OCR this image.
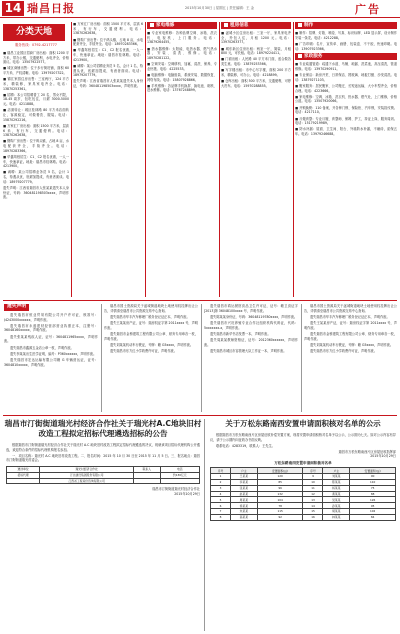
14 瑞昌日报	2015年10月30日 | 星期五 | 责任编辑：王 金	广告
分类天地
服务热线：0792-4217777
■ 瑞昌工业园区招商厂房出租：面积 1200 平方米，带办公楼，交通便利，水电齐全，价格面议。电话：13507922577。
■ 城区商铺出售：位于步行街旺铺，面积 60 平方米，产权清晰。电话：13979207322。
■ 锦江家园住房出售：三室两厅，124 平方米，精装修，家具家电齐全。电话：13870253361。
■ 招聘：本公司招聘普工 20 名，男女不限，18-45 周岁，包吃包住，月薪 3000-5000 元。电话：4211888。
■ 店面转让：城区桂林路 80 平方米店面转让，客源稳定，可做餐饮、服装。电话：15870292216。
■ 万家汇厂房出租：面积 1500 平方米，层高 6 米，有行车，交通便利。电话：13870262638。
■ 钢构厂房出售：位于码头镇，占地 8 亩，水电配套齐全，手续齐全。电话：18970283366。
■ 华鑫驾校招生：C1、C2 报名优惠，一人一车，快速拿证。地址：瑞昌市桂林路。电话：4213900。
■ 诚聘：某公司招聘业务员 5 名，会计 1 名，待遇从优，底薪加提成，有意者面谈。电话：18979207779。
遗失声明：江西省瑞昌市人张某某遗失本人身份证，号码：360481198503xxxx，声明作废。
■ 万家汇厂房出租：面积 1500 平方米，层高 6 米，有行车，交通便利。电话：13870262638。
■ 钢构厂房出售：位于码头镇，占地 8 亩，水电配套齐全，手续齐全。电话：18970283366。
■ 华鑫驾校招生：C1、C2 报名优惠，一人一车，快速拿证。地址：瑞昌市桂林路。电话：4213900。
■ 诚聘：某公司招聘业务员 5 名，会计 1 名，待遇从优，底薪加提成，有意者面谈。电话：18979207779。
遗失声明：江西省瑞昌市人张某某遗失本人身份证，号码：360481198503xxxx，声明作废。
家电维修
■ 专业家电维修：各种品牌空调、冰箱、洗衣机、电视机，上门服务。电话：13879264455。
■ 热水器维修：太阳能、电热水器、燃气热水器，安装、清洗、维修。电话：18970281122。
■ 空调安装：空调移机、加氟、清洗、保养，专业快捷。电话：4225533。
■ 电脑维修：电脑组装、系统安装、数据恢复、网络布线。电话：15807928866。
■ 手机维修：各品牌手机换屏、换电池、刷机、进水维修。电话：13767248899。
租房信息
■ 湓城小区住房出租：三室一厅，家具家电齐全，拎包入住，月租 1200 元。电话：13970263377。
■ 城东新区住房出租：两室一厅，简装，月租 800 元，可长租。电话：18979224411。
■ 门面出租：人民路 40 平方米门面，适合做各类生意。电话：13879253366。
■ 写字楼出租：市中心写字楼，面积 200 平方米，精装修，可办公。电话：4218899。
■ 仓库出租：面积 500 平方米，交通便利，可停大货车。电话：15970288855。
制作
■ 制作：招牌、灯箱、喷绘、写真、标识标牌、LED 显示屏，设计制作安装一条龙。电话：4212288。
■ 广告印刷：名片、宣传单、画册、包装盒、不干胶，快速印刷。电话：13907923366。
家政服务
■ 专业疏通管道：疏通下水道、马桶、地漏、洗菜池，高压清洗，管道维修。电话：13970290911。
■ 专业保洁：新房开荒、日常保洁、擦玻璃、地板打蜡、沙发清洗。电话：13879271103。
■ 搬家服务：居民搬家、公司搬迁、长短途运输，大小车型齐全，价格合理。电话：4223666。
■ 家电维修：空调、冰箱、洗衣机、热水器、燃气灶，上门维修，价格公道。电话：13507920066。
■ 开锁换锁：110 备案，开各种门锁、保险柜、汽车锁，安装指纹锁。电话：4217110。
■ 月嫂育婴：专业月嫂、育婴师、保姆、护工，持证上岗，服务周到。电话：15179219989。
■ 防水补漏：屋面、卫生间、阳台、外墙防水补漏，不砸砖，质保五年。电话：13979246688。
遗失声明
遗失瑞昌市恒业贸易有限公司开户许可证，核准号：J4243000xxxxxx，声明作废。
遗失瑞昌市永盛建材经营部营业执照正本，注册号：36048160xxxxx，声明作废。
遗失张某某残疾人证，证号：3604811965xxxx，声明作废。
遗失瑞昌市鑫源五金店公章一枚，声明作废。
遗失李某某出生医学证明，编号：P360xxxxxx，声明作废。
遗失瑞昌市宏达运输有限公司赣 G 车辆营运证，证号：3604810xxxxx，声明作废。
瑞昌市国土资源局关于湓城街道地块土地使用权挂牌出让公告，详情请至瑞昌市公共资源交易中心查询。
遗失瑞昌市华丰汽车修理厂税务登记证正本，声明作废。
遗失王某某房产证，证号：瑞房权证字第 2011xxxx 号，声明作废。
遗失瑞昌市金桥建筑工程有限公司公章、财务专用章各一枚，声明作废。
遗失刘某某机动车行驶证，号牌：赣 G5xxxx，声明作废。
遗失瑞昌市东方红小学收费许可证，声明作废。
遗失瑞昌市鸿运餐馆食品卫生许可证，证号：赣卫食证字[2013]第 36048100xxxx 号，声明作废。
遗失陈某某身份证，号码：36048119780xxxx，声明作废。
遗失瑞昌市兴旺养殖专业合作社组织机构代码证，代码：5xxxxxxx-x，声明作废。
遗失瑞昌市新华书店发票一本，声明作废。
遗失周某某教师资格证，证号：2012360xxxxxx，声明作废。
遗失瑞昌市城区市容管理大队工作证一本，声明作废。
瑞昌市国土资源局关于湓城街道地块土地使用权挂牌出让公告，详情请至瑞昌市公共资源交易中心查询。
遗失瑞昌市华丰汽车修理厂税务登记证正本，声明作废。
遗失王某某房产证，证号：瑞房权证字第 2011xxxx 号，声明作废。
遗失瑞昌市金桥建筑工程有限公司公章、财务专用章各一枚，声明作废。
遗失刘某某机动车行驶证，号牌：赣 G5xxxx，声明作废。
遗失瑞昌市东方红小学收费许可证，声明作废。
瑞昌市汀街街道瑞光村经济合作社关于瑞光村A.C地块旧村改造工程拟定招标代理遴选招标的公告
根据瑞昌市汀街街道瑞光村经济合作社关于瑞光村 A.C 地块旧村改造工程拟定招标代理遴选的决议，现就该项目招标代理机构公开遴选，欢迎符合条件的招标代理机构报名参加。
一、项目名称：瑞光村 A.C 地块旧村改造工程。二、报名时间：2015 年 10 月 30 日至 2015 年 11 月 5 日。三、报名地点：瑞昌市汀街街道瑞光村委会。
遴选单位	瑞光村经济合作社	联系人	电话
招标代理	万达建设集团股份有限公司		约130亿元
	江西省工程造价咨询有限公司		
瑞昌市汀街街道瑞光村经济合作社
2015年10月29日
关于万松东路南西安置申请面积核对名单的公示
根据瑞昌市万松东路南西片区房屋征收补偿安置方案，现将安置申请面积核对名单予以公示，公示期为七天。如对公示内容有异议，请于公示期内向征收办书面反映。
联系电话：4283319，联系人：王先生。
瑞昌市万松东路南西片区房屋征收指挥部
2015年10月29日
万松东路南西安置申请面积核对名单
序号	户主	安置面积(㎡)	序号	户主	安置面积(㎡)
1	王某某	120	9	刘某某	90
2	李某某	85	10	陈某某	110
3	张某某	96	11	杨某某	75
4	赵某某	132	12	黄某某	88
5	周某某	104	13	吴某某	126
6	徐某某	78	14	孙某某	95
7	朱某某	115	15	胡某某	102
8	高某某	92	16	林某某	84
